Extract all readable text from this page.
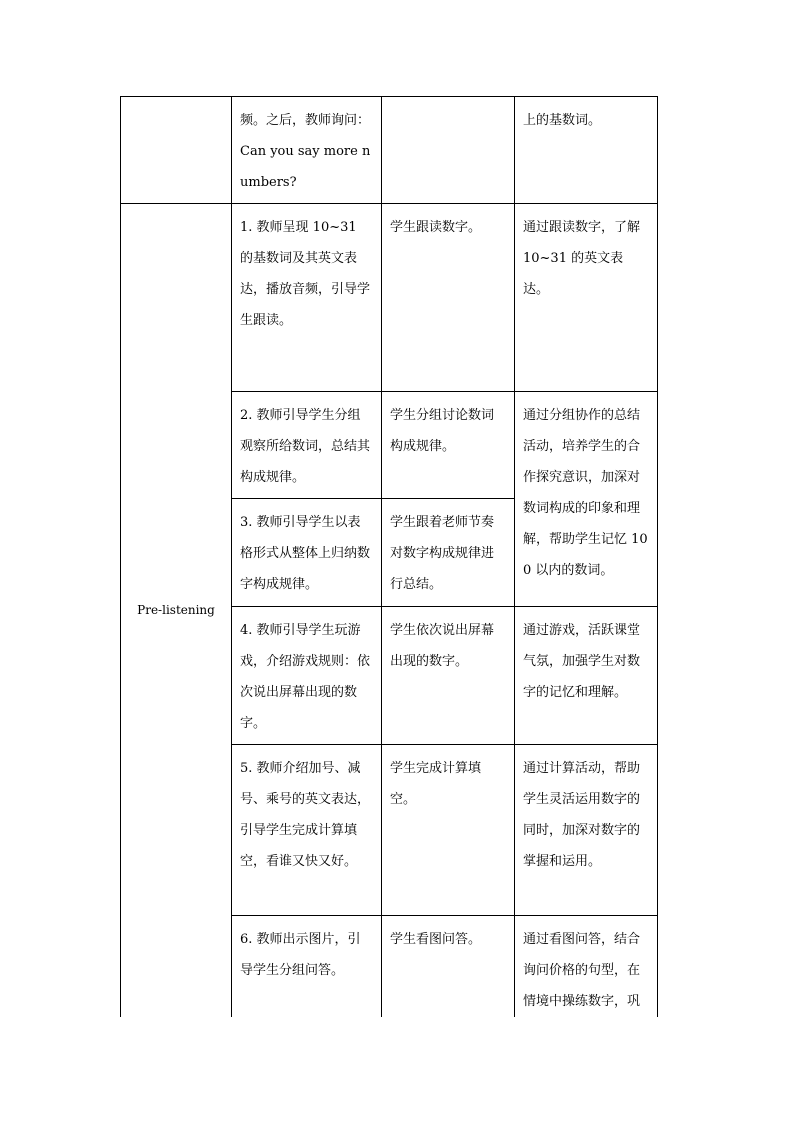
	频。之后，教师询问：Can you say more numbers?		上的基数词。
Pre-listening	1. 教师呈现 10~31 的基数词及其英文表达，播放音频，引导学生跟读。	学生跟读数字。	通过跟读数字，了解 10~31 的英文表达。
	2. 教师引导学生分组观察所给数词，总结其构成规律。	学生分组讨论数词构成规律。	通过分组协作的总结活动，培养学生的合作探究意识，加深对数词构成的印象和理解，帮助学生记忆 100 以内的数词。
	3. 教师引导学生以表格形式从整体上归纳数字构成规律。	学生跟着老师节奏对数字构成规律进行总结。	
	4. 教师引导学生玩游戏，介绍游戏规则：依次说出屏幕出现的数字。	学生依次说出屏幕出现的数字。	通过游戏，活跃课堂气氛，加强学生对数字的记忆和理解。
	5. 教师介绍加号、减号、乘号的英文表达，引导学生完成计算填空，看谁又快又好。	学生完成计算填空。	通过计算活动，帮助学生灵活运用数字的同时，加深对数字的掌握和运用。
	6. 教师出示图片，引导学生分组问答。	学生看图问答。	通过看图问答，结合询问价格的句型，在情境中操练数字，巩
